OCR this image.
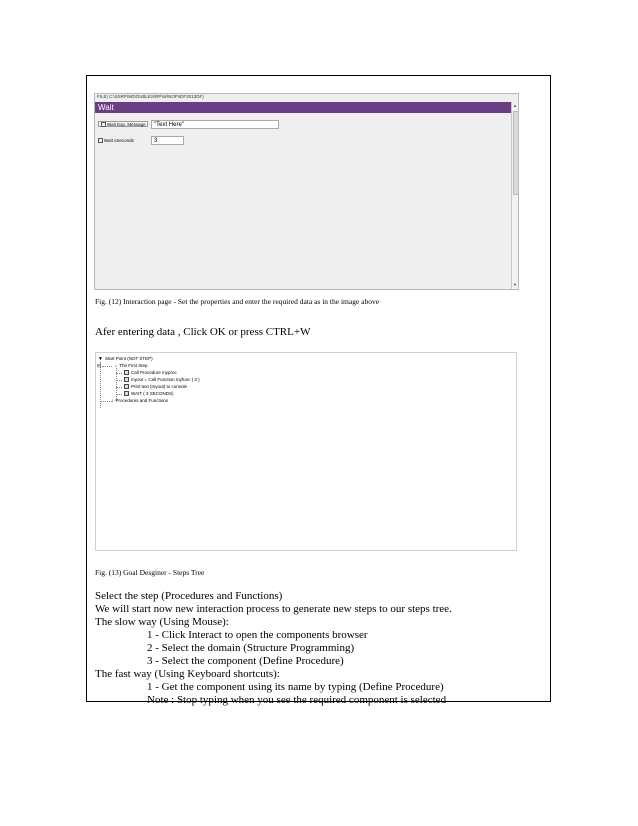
FILE| C:\SSRP\WDOUBLES\RP\W\NOF\IDF3013DF)
Wait
Wait Exp. Message	"Text Here"
Wait xSeconds	3
▲
▼
Fig. (12) Interaction page - Set the properties and enter the required data as in the image above
Afer entering data , Click OK or press CTRL+W
▼ Start Point (NOT STEP)
⊟	↓ The First Step
Call Procedure myproc
myout = Call Function myfunc ( 3 )
Print text (myout) to console
WAIT ( 3 SECONDS)
↓ Procedures and Functions
Fig. (13) Goal Desginer - Steps Tree
Select the step (Procedures and Functions)
We will start now new interaction process to generate new steps to our steps tree.
The slow way (Using Mouse):
1 - Click Interact to open the components browser
2 - Select the domain (Structure Programming)
3 - Select the component (Define Procedure)
The fast way (Using Keyboard shortcuts):
1 - Get the component using its name by typing (Define Procedure)
Note : Stop typing when you see the required component is selected
